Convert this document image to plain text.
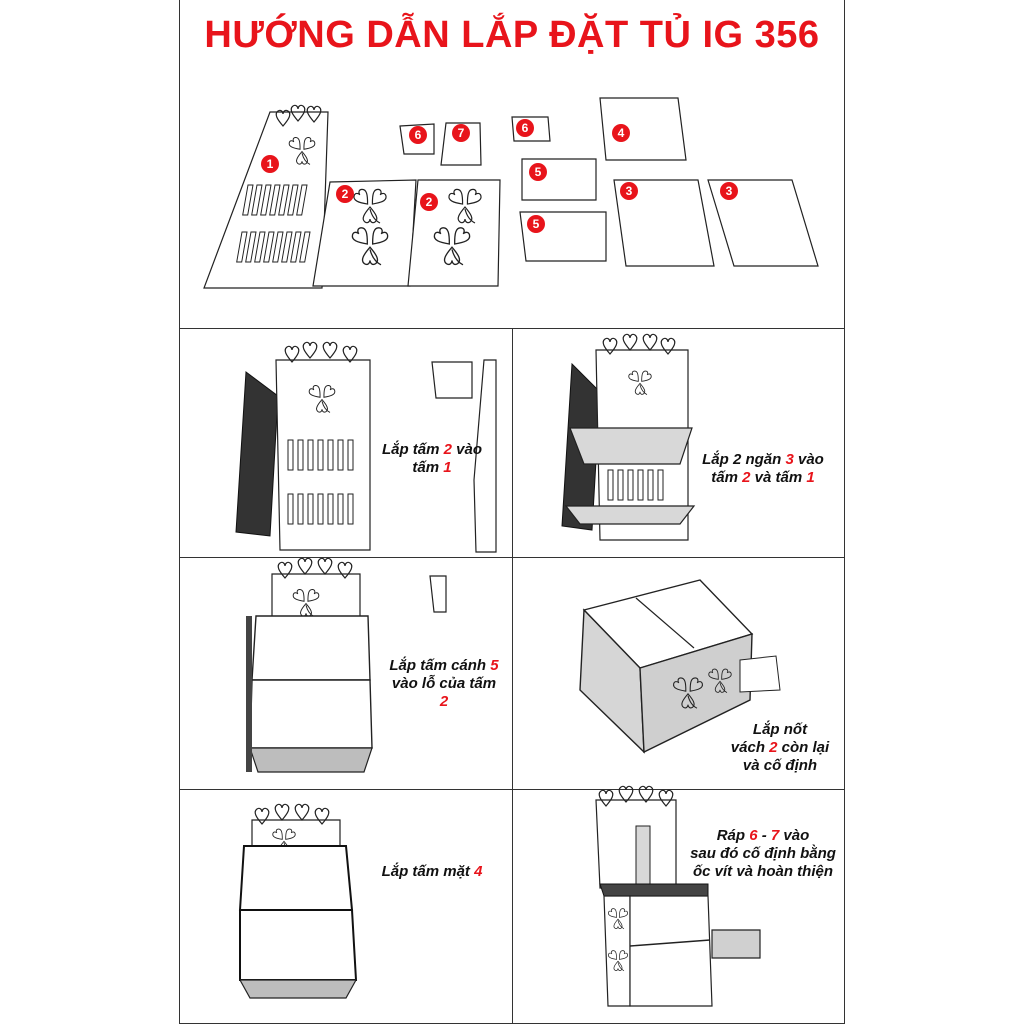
HƯỚNG DẪN LẮP ĐẶT TỦ IG 356
1
2
2
3	3
4
5
5
6	6
7
Lắp tấm 2 vào
tấm 1	Lắp 2 ngăn 3 vào
tấm 2 và tấm 1
Lắp tấm cánh 5
vào lỗ của tấm
2
Lắp nốt
vách 2 còn lại
và cố định
Lắp tấm mặt 4
Ráp 6 - 7 vào
sau đó cố định bằng
ốc vít và hoàn thiện
